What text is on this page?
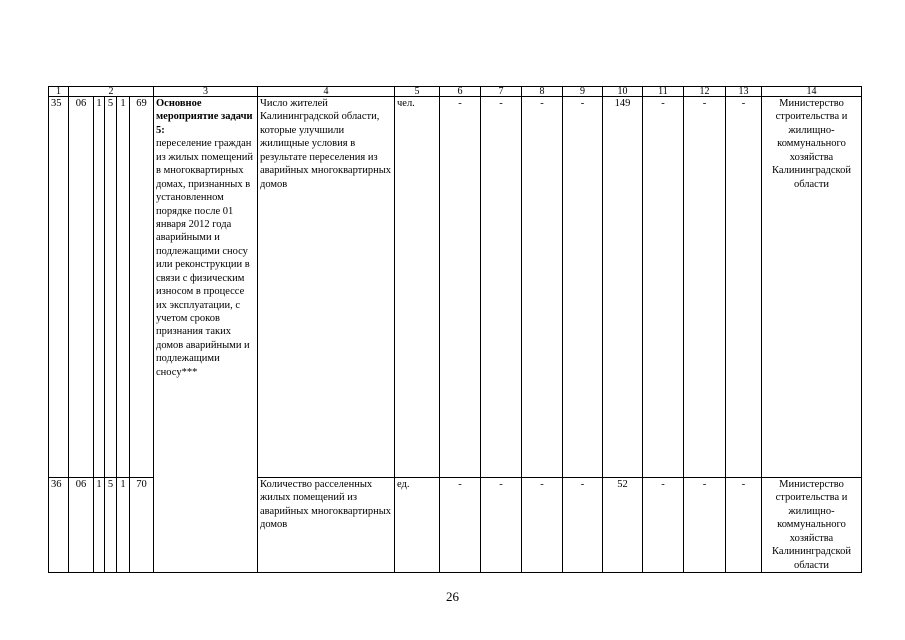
1	2					3	4	5	6	7	8	9	10	11	12	13	14
35	06	1	5	1	69	Основное мероприятие задачи 5:
переселение граждан из жилых помещений в многоквартирных домах, признанных в установленном порядке после 01 января 2012 года аварийными и подлежащими сносу или реконструкции в связи с физическим износом в процессе их эксплуатации, с учетом сроков признания таких домов аварийными и подлежащими сносу***	Число жителей Калининградской области, которые улучшили жилищные условия в результате переселения из аварийных многоквартирных домов	чел.	-	-	-	-	149	-	-	-	Министерство строительства и жилищно-коммунального хозяйства Калининградской области
36	06	1	5	1	70		Количество расселенных жилых помещений из аварийных многоквартирных домов	ед.	-	-	-	-	52	-	-	-	Министерство строительства и жилищно-коммунального хозяйства Калининградской области
26
